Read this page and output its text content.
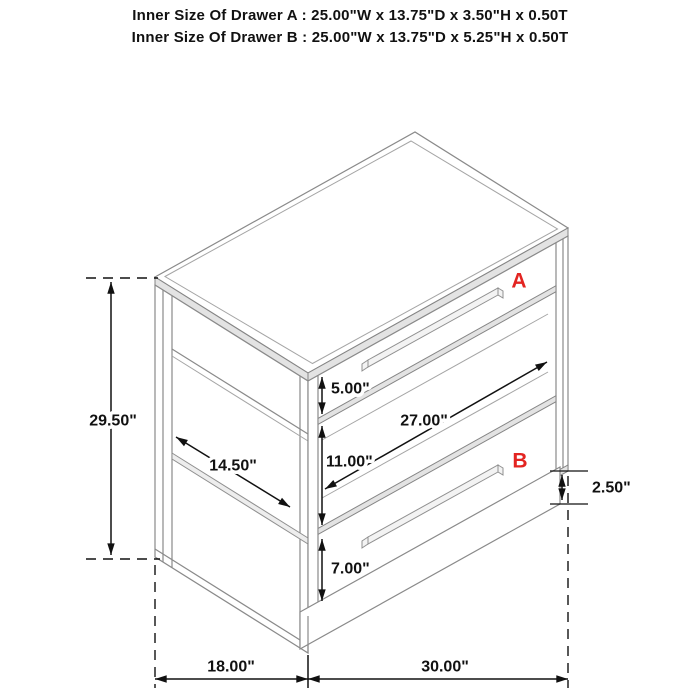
Inner Size Of Drawer A : 25.00"W x 13.75"D x 3.50"H x 0.50T
Inner Size Of Drawer B : 25.00"W x 13.75"D x 5.25"H x 0.50T
A
B
29.50"
14.50"
27.00"
5.00"
11.00"
7.00"
2.50"
18.00"	30.00"
